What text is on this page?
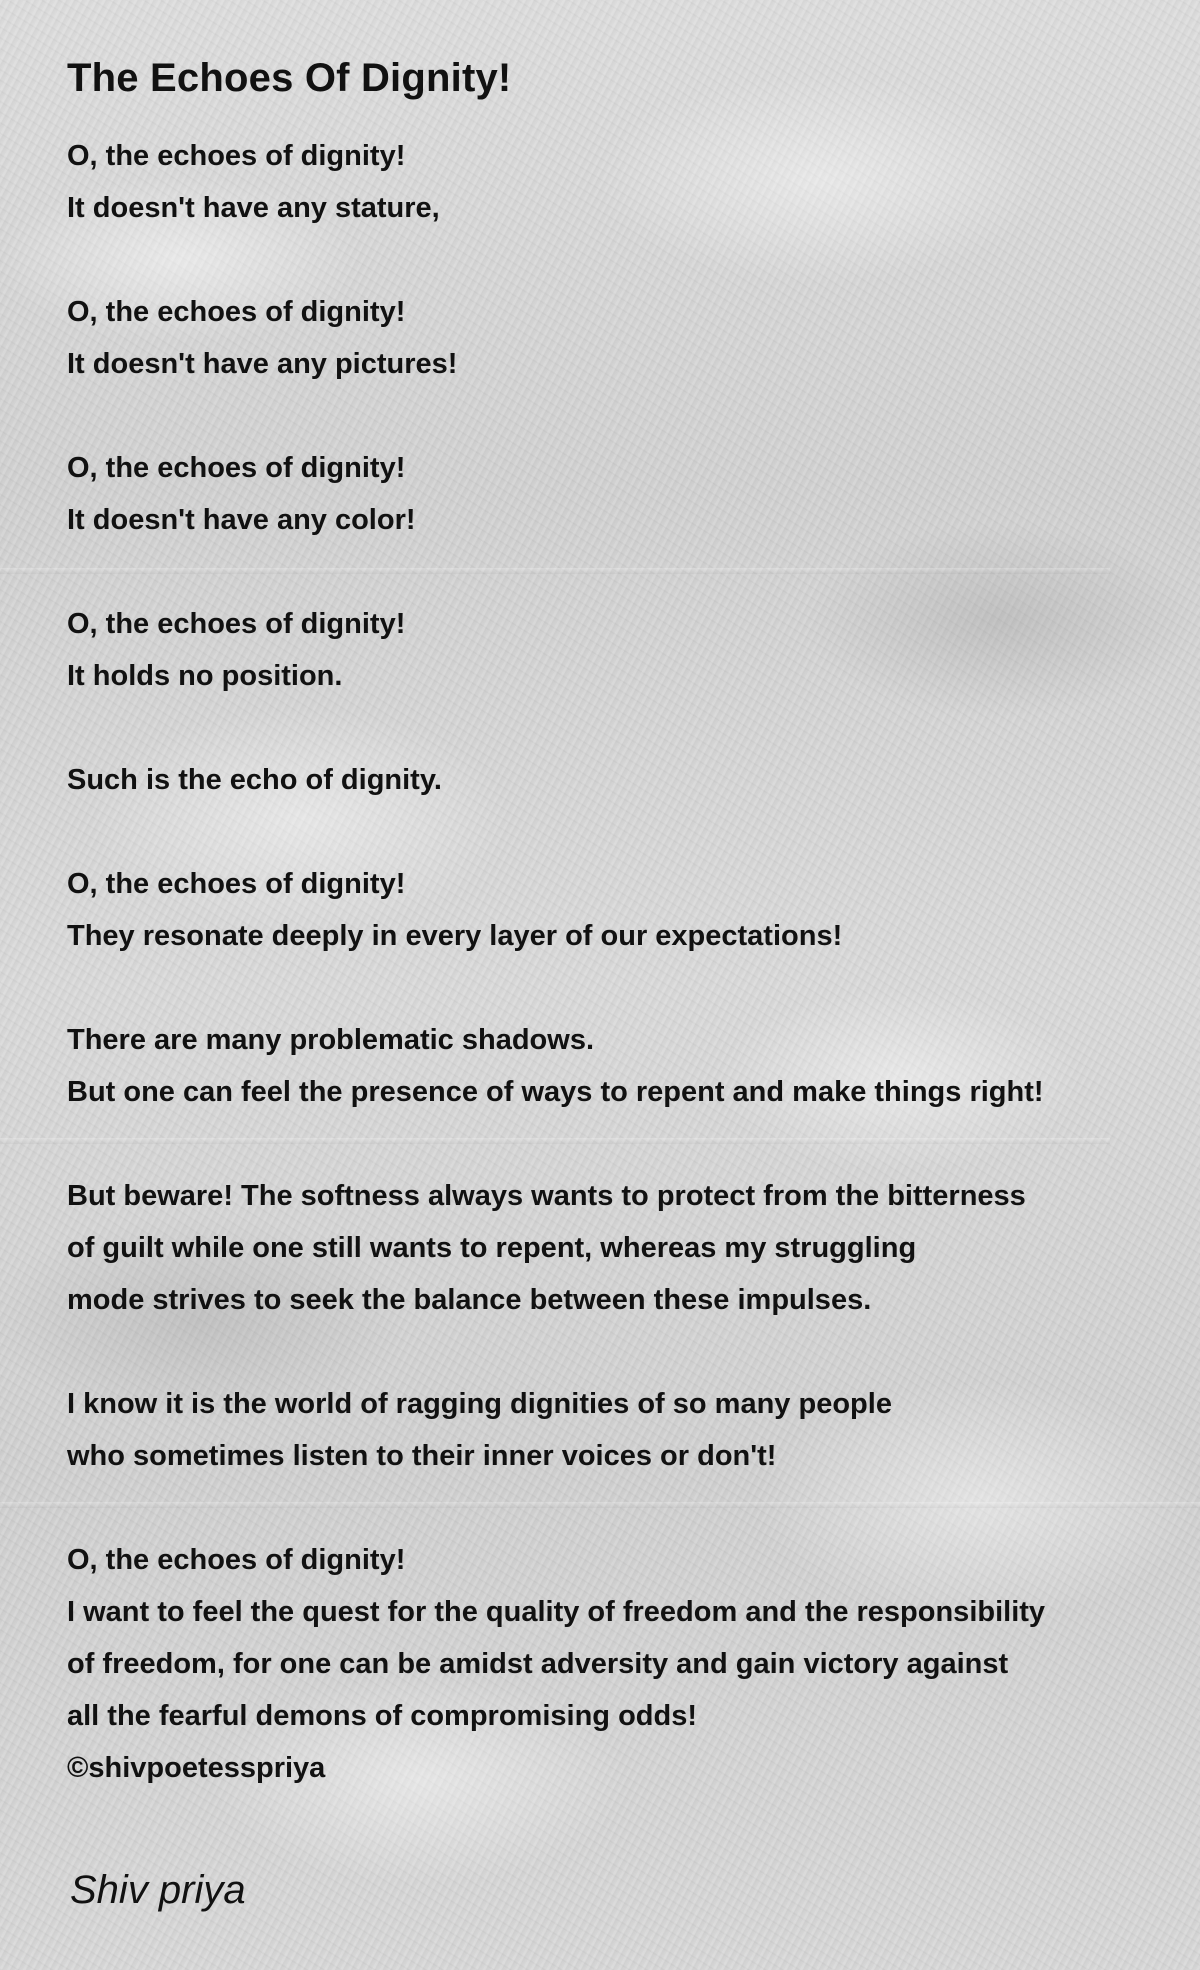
The Echoes Of Dignity!
O, the echoes of dignity!
It doesn't have any stature,
O, the echoes of dignity!
It doesn't have any pictures!
O, the echoes of dignity!
It doesn't have any color!
O, the echoes of dignity!
It holds no position.
Such is the echo of dignity.
O, the echoes of dignity!
They resonate deeply in every layer of our expectations!
There are many problematic shadows.
But one can feel the presence of ways to repent and make things right!
But beware! The softness always wants to protect from the bitterness
of guilt while one still wants to repent, whereas my struggling
mode strives to seek the balance between these impulses.
I know it is the world of ragging dignities of so many people
who sometimes listen to their inner voices or don't!
O, the echoes of dignity!
I want to feel the quest for the quality of freedom and the responsibility
of freedom, for one can be amidst adversity and gain victory against
all the fearful demons of compromising odds!
©shivpoetesspriya
Shiv priya
